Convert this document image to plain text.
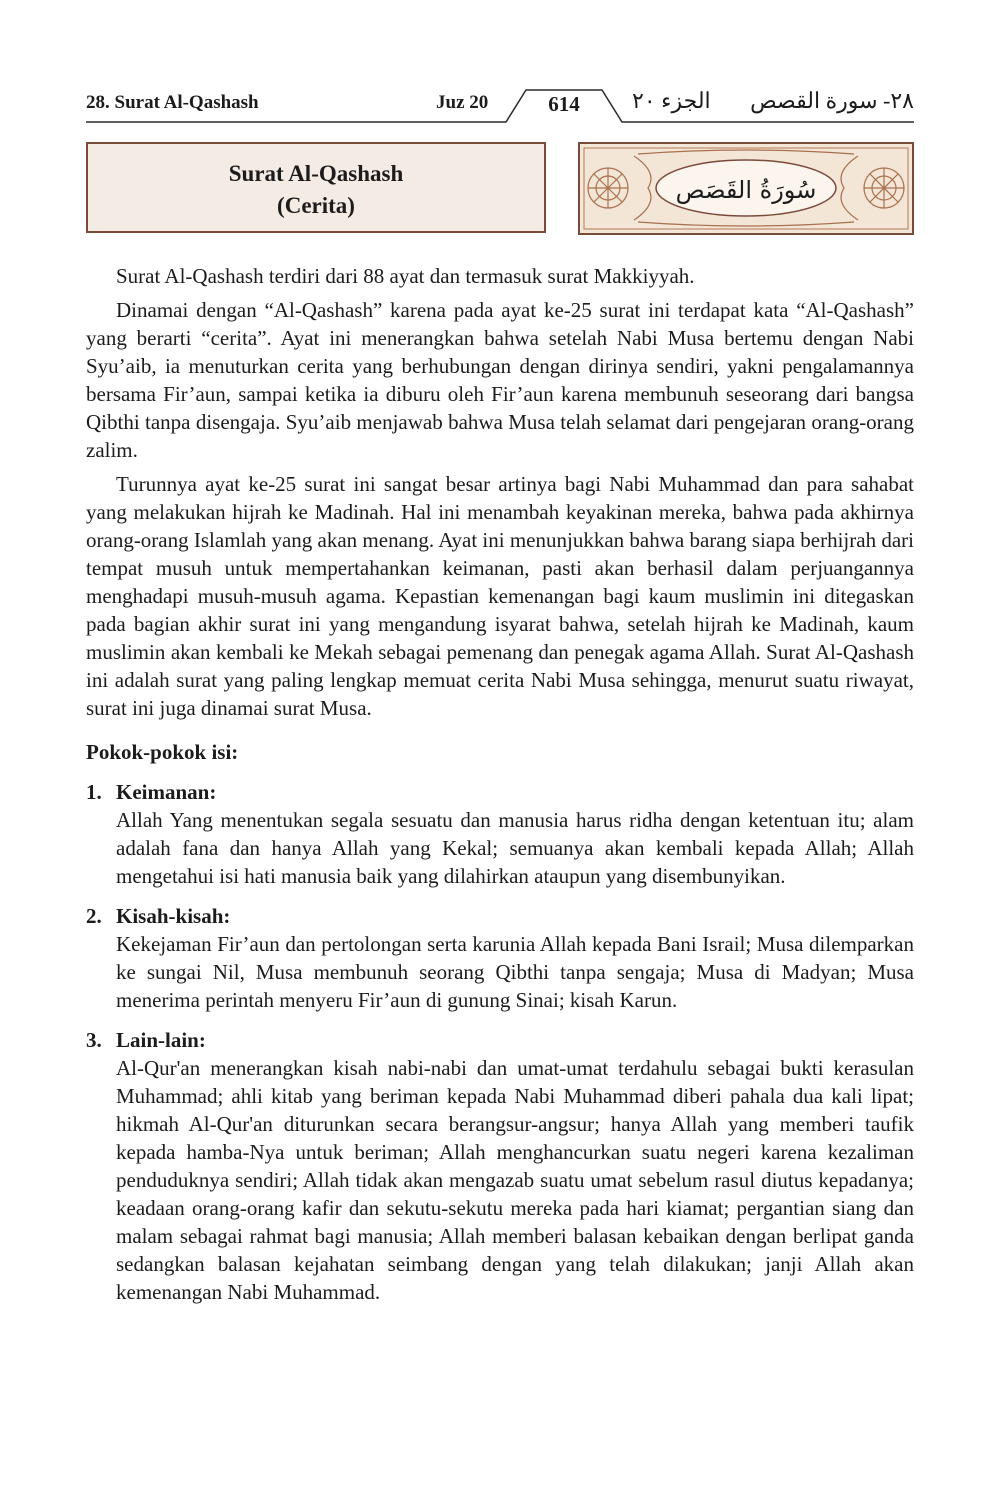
28. Surat Al-Qashash	Juz 20	614	الجزء ٢٠ ٢٨- سورة القصص
Surat Al-Qashash
(Cerita)
سُورَةُ القَصَص

Surat Al-Qashash terdiri dari 88 ayat dan termasuk surat Makkiyyah.

Dinamai dengan “Al-Qashash” karena pada ayat ke-25 surat ini terdapat kata “Al-Qashash” yang berarti “cerita”. Ayat ini menerangkan bahwa setelah Nabi Musa bertemu dengan Nabi Syu’aib, ia menuturkan cerita yang berhubungan dengan dirinya sendiri, yakni pengalamannya bersama Fir’aun, sampai ketika ia diburu oleh Fir’aun karena membunuh seseorang dari bangsa Qibthi tanpa disengaja. Syu’aib menjawab bahwa Musa telah selamat dari pengejaran orang-orang zalim.

Turunnya ayat ke-25 surat ini sangat besar artinya bagi Nabi Muhammad dan para sahabat yang melakukan hijrah ke Madinah. Hal ini menambah keyakinan mereka, bahwa pada akhirnya orang-orang Islamlah yang akan menang. Ayat ini menunjukkan bahwa barang siapa berhijrah dari tempat musuh untuk mempertahankan keimanan, pasti akan berhasil dalam perjuangannya menghadapi musuh-musuh agama. Kepastian kemenangan bagi kaum muslimin ini ditegaskan pada bagian akhir surat ini yang mengandung isyarat bahwa, setelah hijrah ke Madinah, kaum muslimin akan kembali ke Mekah sebagai pemenang dan penegak agama Allah. Surat Al-Qashash ini adalah surat yang paling lengkap memuat cerita Nabi Musa sehingga, menurut suatu riwayat, surat ini juga dinamai surat Musa.

Pokok-pokok isi:
1. Keimanan:
Allah Yang menentukan segala sesuatu dan manusia harus ridha dengan ketentuan itu; alam adalah fana dan hanya Allah yang Kekal; semuanya akan kembali kepada Allah; Allah mengetahui isi hati manusia baik yang dilahirkan ataupun yang disembunyikan.
2. Kisah-kisah:
Kekejaman Fir’aun dan pertolongan serta karunia Allah kepada Bani Israil; Musa dilemparkan ke sungai Nil, Musa membunuh seorang Qibthi tanpa sengaja; Musa di Madyan; Musa menerima perintah menyeru Fir’aun di gunung Sinai; kisah Karun.
3. Lain-lain:
Al-Qur'an menerangkan kisah nabi-nabi dan umat-umat terdahulu sebagai bukti kerasulan Muhammad; ahli kitab yang beriman kepada Nabi Muhammad diberi pahala dua kali lipat; hikmah Al-Qur'an diturunkan secara berangsur-angsur; hanya Allah yang memberi taufik kepada hamba-Nya untuk beriman; Allah menghancurkan suatu negeri karena kezaliman penduduknya sendiri; Allah tidak akan mengazab suatu umat sebelum rasul diutus kepadanya; keadaan orang-orang kafir dan sekutu-sekutu mereka pada hari kiamat; pergantian siang dan malam sebagai rahmat bagi manusia; Allah memberi balasan kebaikan dengan berlipat ganda sedangkan balasan kejahatan seimbang dengan yang telah dilakukan; janji Allah akan kemenangan Nabi Muhammad.
